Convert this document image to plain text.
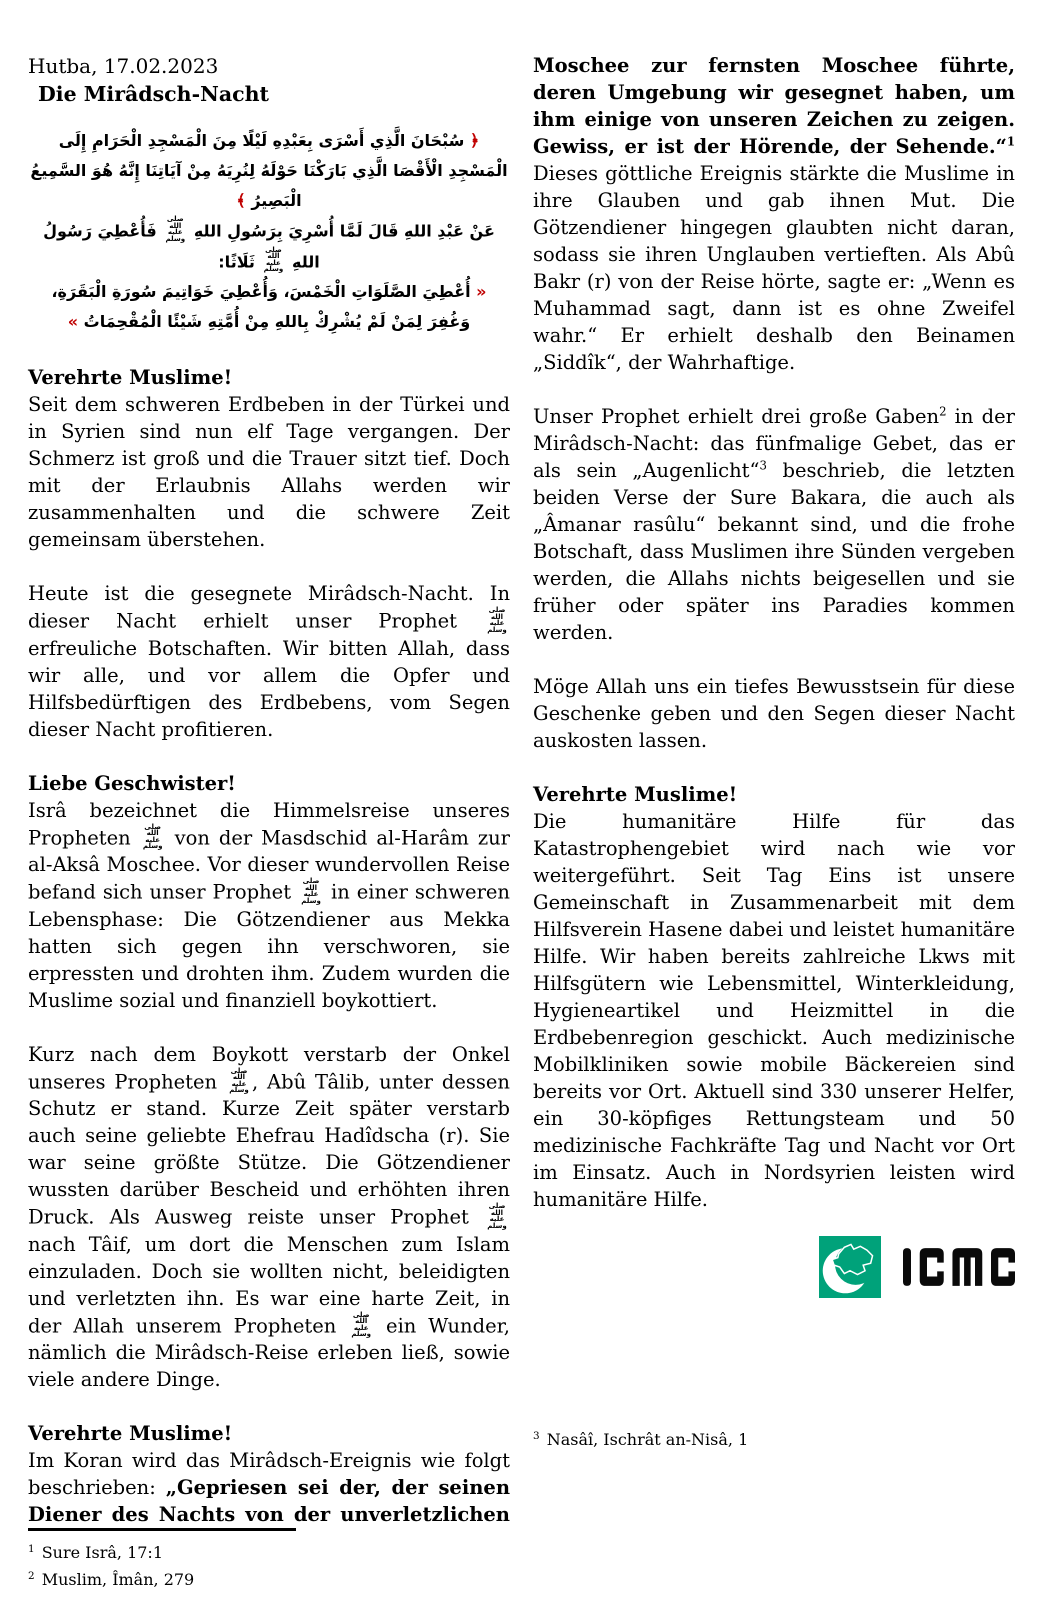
Hutba, 17.02.2023
Die Mirâdsch-Nacht
﴿ سُبْحَانَ الَّذِي أَسْرَى بِعَبْدِهِ لَيْلًا مِنَ الْمَسْجِدِ الْحَرَامِ إِلَى الْمَسْجِدِ الْأَقْصَا الَّذِي بَارَكْنَا حَوْلَهُ لِنُرِيَهُ مِنْ آيَاتِنَا إِنَّهُ هُوَ السَّمِيعُ الْبَصِيرُ ﴾
عَنْ عَبْدِ اللهِ قَالَ لَمَّا أُسْرِيَ بِرَسُولِ اللهِ صلى الله عليه وسلم فَأُعْطِيَ رَسُولُ اللهِ صلى الله عليه وسلم ثَلَاثًا:
« أُعْطِيَ الصَّلَوَاتِ الْخَمْسَ، وَأُعْطِيَ خَوَاتِيمَ سُورَةِ الْبَقَرَةِ، وَغُفِرَ لِمَنْ لَمْ يُشْرِكْ بِاللهِ مِنْ أُمَّتِهِ شَيْئًا الْمُقْحِمَاتُ »
Verehrte Muslime!
Seit dem schweren Erdbeben in der Türkei und in Syrien sind nun elf Tage vergangen. Der Schmerz ist groß und die Trauer sitzt tief. Doch mit der Erlaubnis Allahs werden wir zusammenhalten und die schwere Zeit gemeinsam überstehen.
Heute ist die gesegnete Mirâdsch-Nacht. In dieser Nacht erhielt unser Prophet صلى الله عليه وسلم erfreuliche Botschaften. Wir bitten Allah, dass wir alle, und vor allem die Opfer und Hilfsbedürftigen des Erdbebens, vom Segen dieser Nacht profitieren.
Liebe Geschwister!
Isrâ bezeichnet die Himmelsreise unseres Propheten صلى الله عليه وسلم von der Masdschid al-Harâm zur al-Aksâ Moschee. Vor dieser wundervollen Reise befand sich unser Prophet صلى الله عليه وسلم in einer schweren Lebensphase: Die Götzendiener aus Mekka hatten sich gegen ihn verschworen, sie erpressten und drohten ihm. Zudem wurden die Muslime sozial und finanziell boykottiert.
Kurz nach dem Boykott verstarb der Onkel unseres Propheten صلى الله عليه وسلم , Abû Tâlib, unter dessen Schutz er stand. Kurze Zeit später verstarb auch seine geliebte Ehefrau Hadîdscha (r). Sie war seine größte Stütze. Die Götzendiener wussten darüber Bescheid und erhöhten ihren Druck. Als Ausweg reiste unser Prophet صلى الله عليه وسلم nach Tâif, um dort die Menschen zum Islam einzuladen. Doch sie wollten nicht, beleidigten und verletzten ihn. Es war eine harte Zeit, in der Allah unserem Propheten صلى الله عليه وسلم ein Wunder, nämlich die Mirâdsch-Reise erleben ließ, sowie viele andere Dinge.
Verehrte Muslime!
Im Koran wird das Mirâdsch-Ereignis wie folgt beschrieben: „Gepriesen sei der, der seinen Diener des Nachts von der unverletzlichen
$^1$ Sure Isrâ, 17:1
$^2$ Muslim, Îmân, 279
Moschee zur fernsten Moschee führte, deren Umgebung wir gesegnet haben, um ihm einige von unseren Zeichen zu zeigen. Gewiss, er ist der Hörende, der Sehende.“$^1$ Dieses göttliche Ereignis stärkte die Muslime in ihre Glauben und gab ihnen Mut. Die Götzendiener hingegen glaubten nicht daran, sodass sie ihren Unglauben vertieften. Als Abû Bakr (r) von der Reise hörte, sagte er: „Wenn es Muhammad sagt, dann ist es ohne Zweifel wahr.“ Er erhielt deshalb den Beinamen „Siddîk“, der Wahrhaftige.
Unser Prophet erhielt drei große Gaben$^2$ in der Mirâdsch-Nacht: das fünfmalige Gebet, das er als sein „Augenlicht“$^3$ beschrieb, die letzten beiden Verse der Sure Bakara, die auch als „Âmanar rasûlu“ bekannt sind, und die frohe Botschaft, dass Muslimen ihre Sünden vergeben werden, die Allahs nichts beigesellen und sie früher oder später ins Paradies kommen werden.
Möge Allah uns ein tiefes Bewusstsein für diese Geschenke geben und den Segen dieser Nacht auskosten lassen.
Verehrte Muslime!
Die humanitäre Hilfe für das Katastrophengebiet wird nach wie vor weitergeführt. Seit Tag Eins ist unsere Gemeinschaft in Zusammenarbeit mit dem Hilfsverein Hasene dabei und leistet humanitäre Hilfe. Wir haben bereits zahlreiche Lkws mit Hilfsgütern wie Lebensmittel, Winterkleidung, Hygieneartikel und Heizmittel in die Erdbebenregion geschickt. Auch medizinische Mobilkliniken sowie mobile Bäckereien sind bereits vor Ort. Aktuell sind 330 unserer Helfer, ein 30-köpfiges Rettungsteam und 50 medizinische Fachkräfte Tag und Nacht vor Ort im Einsatz. Auch in Nordsyrien leisten wird humanitäre Hilfe.
$^3$ Nasâî, Ischrât an-Nisâ, 1
